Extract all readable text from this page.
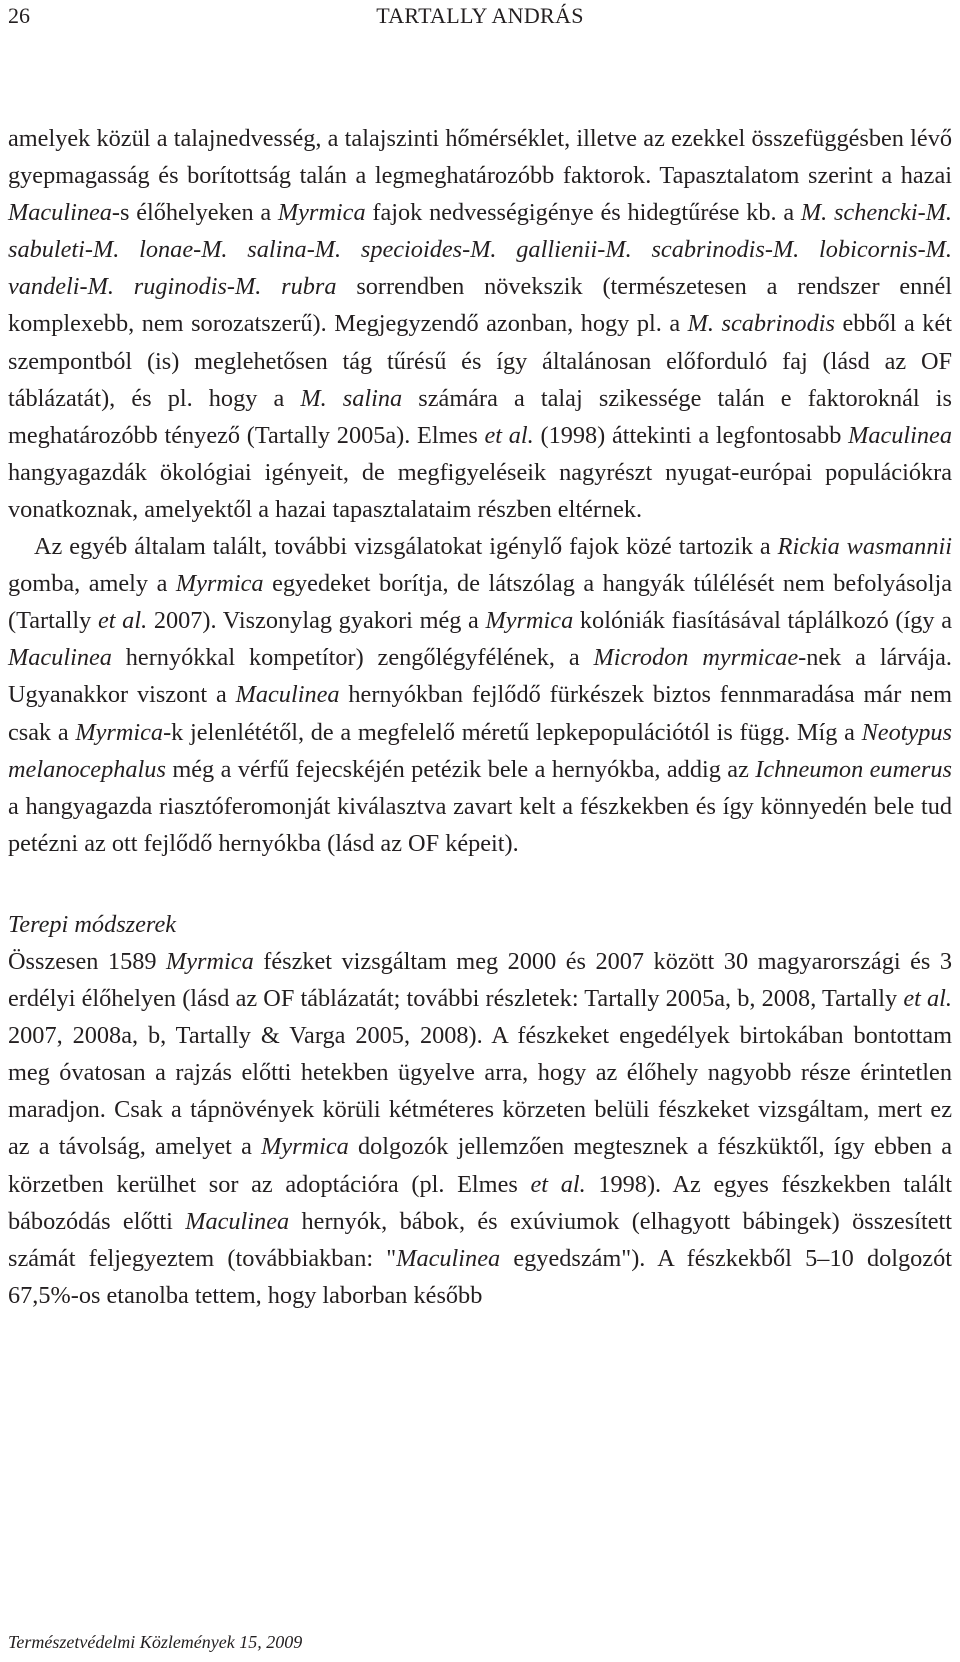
26	TARTALLY ANDRÁS

amelyek közül a talajnedvesség, a talajszinti hőmérséklet, illetve az ezekkel összefüggésben lévő gyepmagasság és borítottság talán a legmeghatározóbb faktorok. Tapasztalatom szerint a hazai Maculinea-s élőhelyeken a Myrmica fajok nedvességigénye és hidegtűrése kb. a M. schencki-M. sabuleti-M. lonae-M. salina-M. specioides-M. gallienii-M. scabrinodis-M. lobicornis-M. vandeli-M. ruginodis-M. rubra sorrendben növekszik (természetesen a rendszer ennél komplexebb, nem sorozatszerű). Megjegyzendő azonban, hogy pl. a M. scabrinodis ebből a két szempontból (is) meglehetősen tág tűrésű és így általánosan előforduló faj (lásd az OF táblázatát), és pl. hogy a M. salina számára a talaj szikessége talán e faktoroknál is meghatározóbb tényező (Tartally 2005a). Elmes et al. (1998) áttekinti a legfontosabb Maculinea hangyagazdák ökológiai igényeit, de megfigyeléseik nagyrészt nyugat-európai populációkra vonatkoznak, amelyektől a hazai tapasztalataim részben eltérnek.

Az egyéb általam talált, további vizsgálatokat igénylő fajok közé tartozik a Rickia wasmannii gomba, amely a Myrmica egyedeket borítja, de látszólag a hangyák túlélését nem befolyásolja (Tartally et al. 2007). Viszonylag gyakori még a Myrmica kolóniák fiasításával táplálkozó (így a Maculinea hernyókkal kompetítor) zengőlégyfélének, a Microdon myrmicae-nek a lárvája. Ugyanakkor viszont a Maculinea hernyókban fejlődő fürkészek biztos fennmaradása már nem csak a Myrmica-k jelenlététől, de a megfelelő méretű lepkepopulációtól is függ. Míg a Neotypus melanocephalus még a vérfű fejecskéjén petézik bele a hernyókba, addig az Ichneumon eumerus a hangyagazda riasztóferomonját kiválasztva zavart kelt a fészkekben és így könnyedén bele tud petézni az ott fejlődő hernyókba (lásd az OF képeit).

Terepi módszerek

Összesen 1589 Myrmica fészket vizsgáltam meg 2000 és 2007 között 30 magyarországi és 3 erdélyi élőhelyen (lásd az OF táblázatát; további részletek: Tartally 2005a, b, 2008, Tartally et al. 2007, 2008a, b, Tartally & Varga 2005, 2008). A fészkeket engedélyek birtokában bontottam meg óvatosan a rajzás előtti hetekben ügyelve arra, hogy az élőhely nagyobb része érintetlen maradjon. Csak a tápnövények körüli kétméteres körzeten belüli fészkeket vizsgáltam, mert ez az a távolság, amelyet a Myrmica dolgozók jellemzően megtesznek a fészküktől, így ebben a körzetben kerülhet sor az adoptációra (pl. Elmes et al. 1998). Az egyes fészkekben talált bábozódás előtti Maculinea hernyók, bábok, és exúviumok (elhagyott bábingek) összesített számát feljegyeztem (továbbiakban: "Maculinea egyedszám"). A fészkekből 5–10 dolgozót 67,5%-os etanolba tettem, hogy laborban később

Természetvédelmi Közlemények 15, 2009
